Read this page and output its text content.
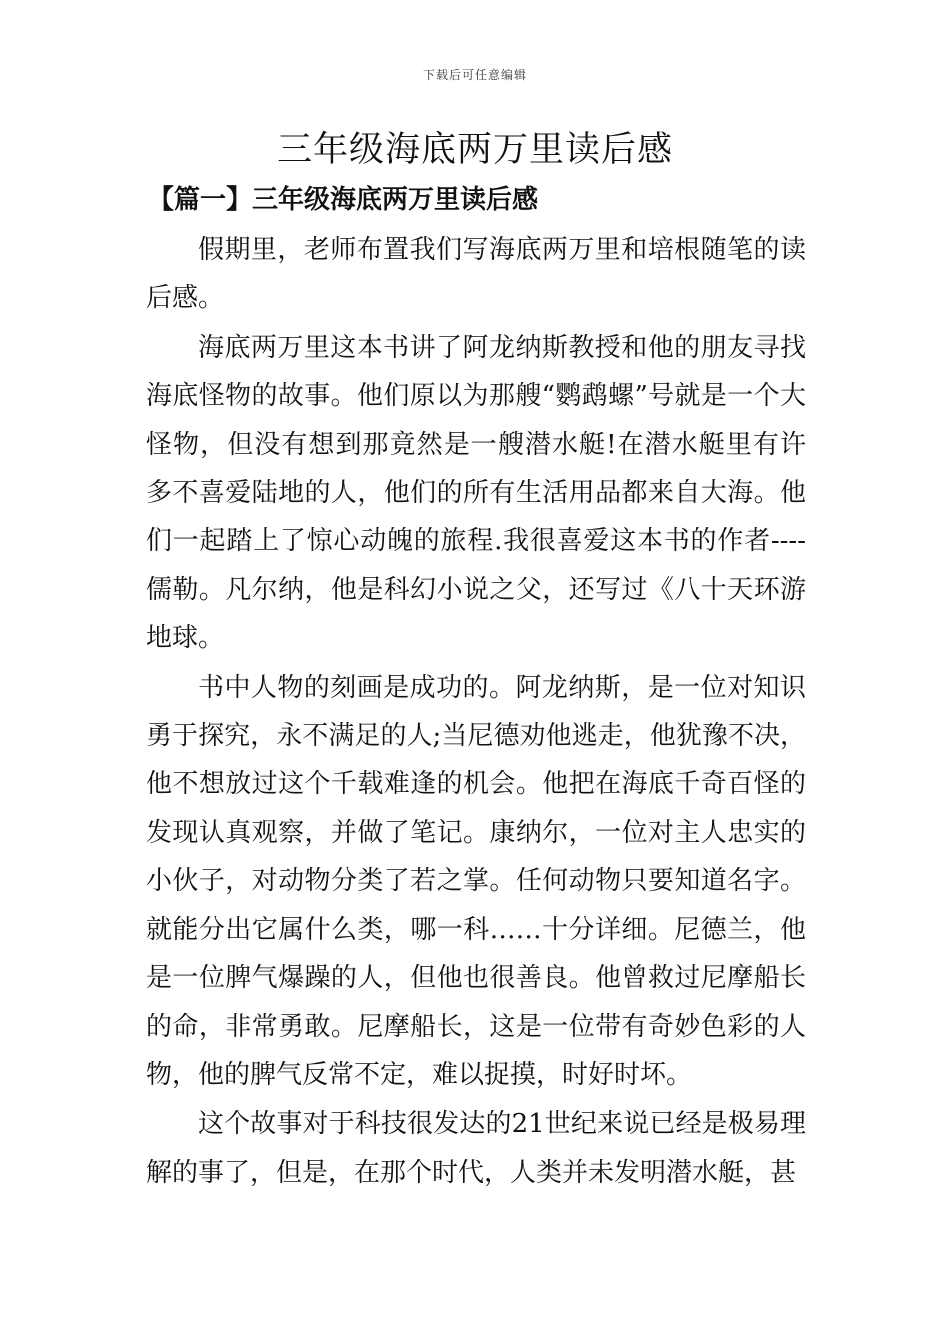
下载后可任意编辑
三年级海底两万里读后感
【篇一】三年级海底两万里读后感

假期里，老师布置我们写海底两万里和培根随笔的读后感。

海底两万里这本书讲了阿龙纳斯教授和他的朋友寻找海底怪物的故事。他们原以为那艘“鹦鹉螺”号就是一个大怪物，但没有想到那竟然是一艘潜水艇!在潜水艇里有许多不喜爱陆地的人，他们的所有生活用品都来自大海。他们一起踏上了惊心动魄的旅程.我很喜爱这本书的作者----儒勒。凡尔纳，他是科幻小说之父，还写过《八十天环游地球。

书中人物的刻画是成功的。阿龙纳斯，是一位对知识勇于探究，永不满足的人;当尼德劝他逃走，他犹豫不决，他不想放过这个千载难逢的机会。他把在海底千奇百怪的发现认真观察，并做了笔记。康纳尔，一位对主人忠实的小伙子，对动物分类了若之掌。任何动物只要知道名字。就能分出它属什么类，哪一科……十分详细。尼德兰，他是一位脾气爆躁的人，但他也很善良。他曾救过尼摩船长的命，非常勇敢。尼摩船长，这是一位带有奇妙色彩的人物，他的脾气反常不定，难以捉摸，时好时坏。

这个故事对于科技很发达的21世纪来说已经是极易理解的事了，但是，在那个时代，人类并未发明潜水艇，甚
